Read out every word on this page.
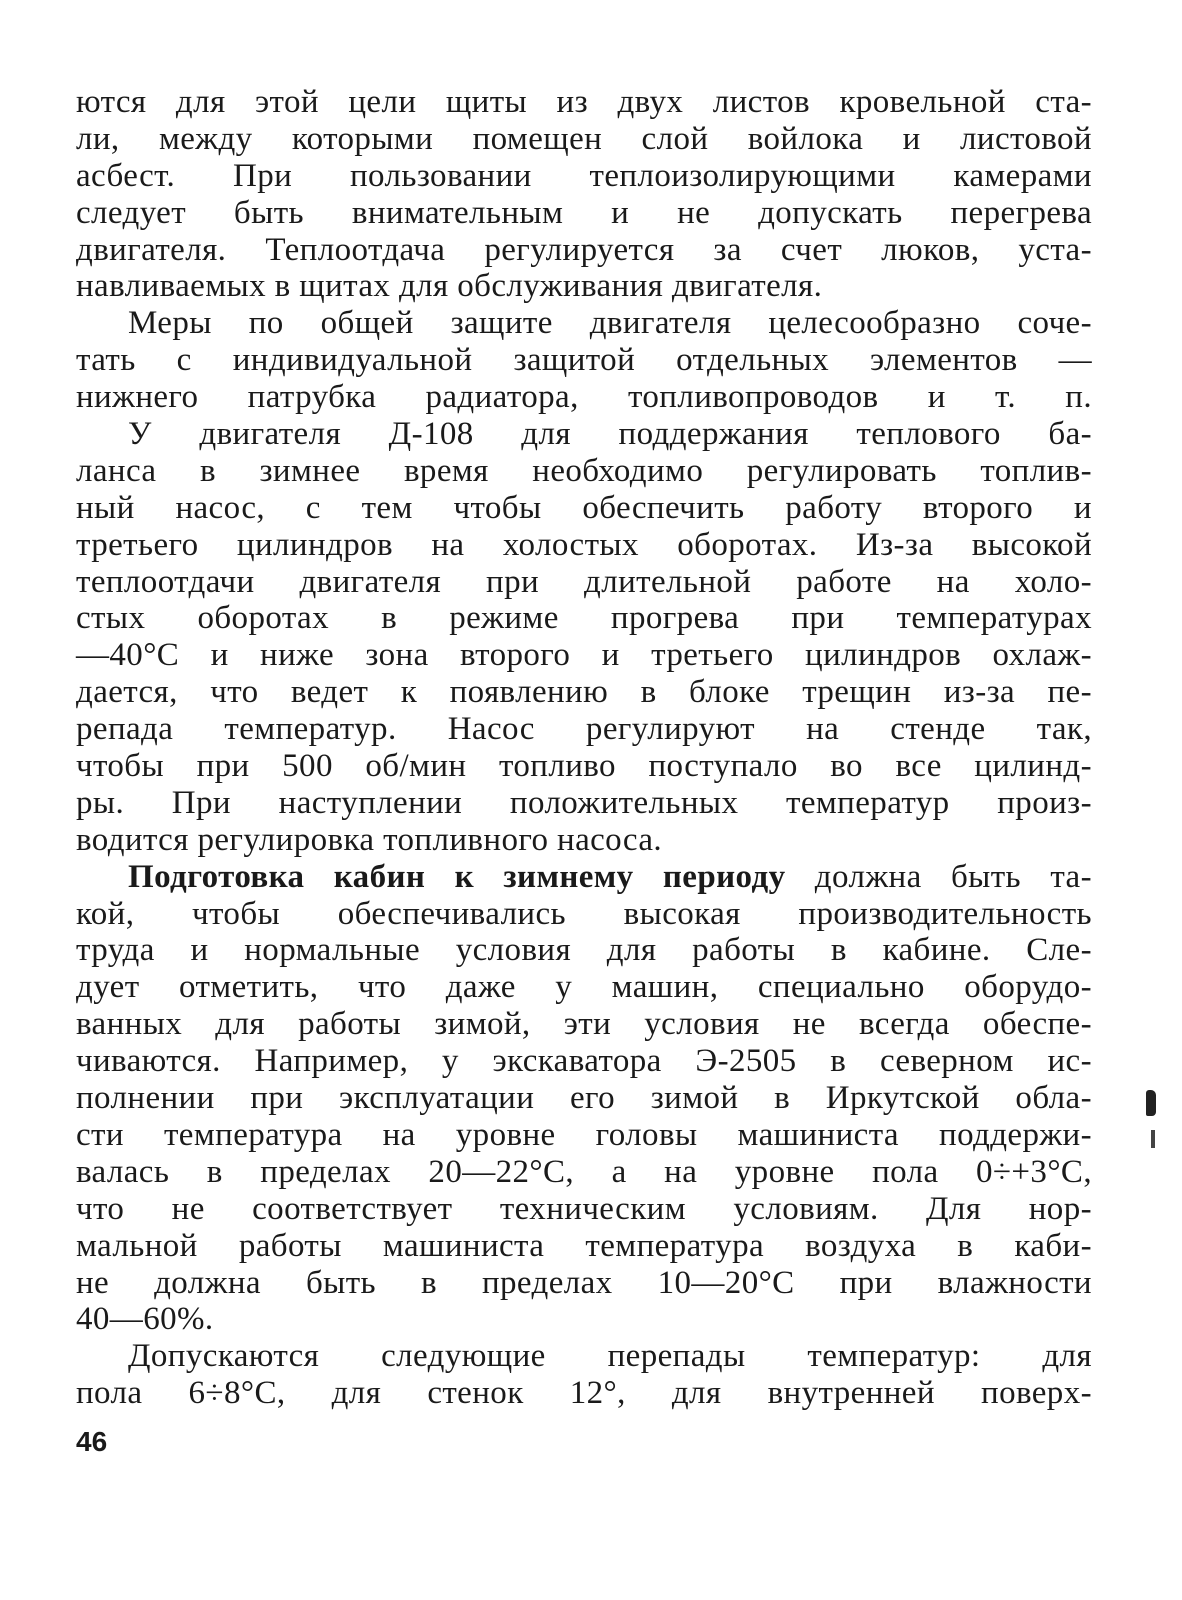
ются для этой цели щиты из двух листов кровельной ста-
ли, между которыми помещен слой войлока и листовой
асбест. При пользовании теплоизолирующими камерами
следует быть внимательным и не допускать перегрева
двигателя. Теплоотдача регулируется за счет люков, уста-
навливаемых в щитах для обслуживания двигателя.
Меры по общей защите двигателя целесообразно соче-
тать с индивидуальной защитой отдельных элементов —
нижнего патрубка радиатора, топливопроводов и т. п.
У двигателя Д-108 для поддержания теплового ба-
ланса в зимнее время необходимо регулировать топлив-
ный насос, с тем чтобы обеспечить работу второго и
третьего цилиндров на холостых оборотах. Из-за высокой
теплоотдачи двигателя при длительной работе на холо-
стых оборотах в режиме прогрева при температурах
—40°С и ниже зона второго и третьего цилиндров охлаж-
дается, что ведет к появлению в блоке трещин из-за пе-
репада температур. Насос регулируют на стенде так,
чтобы при 500 об/мин топливо поступало во все цилинд-
ры. При наступлении положительных температур произ-
водится регулировка топливного насоса.
Подготовка кабин к зимнему периоду должна быть та-
кой, чтобы обеспечивались высокая производительность
труда и нормальные условия для работы в кабине. Сле-
дует отметить, что даже у машин, специально оборудо-
ванных для работы зимой, эти условия не всегда обеспе-
чиваются. Например, у экскаватора Э-2505 в северном ис-
полнении при эксплуатации его зимой в Иркутской обла-
сти температура на уровне головы машиниста поддержи-
валась в пределах 20—22°С, а на уровне пола 0÷+3°С,
что не соответствует техническим условиям. Для нор-
мальной работы машиниста температура воздуха в каби-
не должна быть в пределах 10—20°С при влажности
40—60%.
Допускаются следующие перепады температур: для
пола 6÷8°С, для стенок 12°, для внутренней поверх-
46
